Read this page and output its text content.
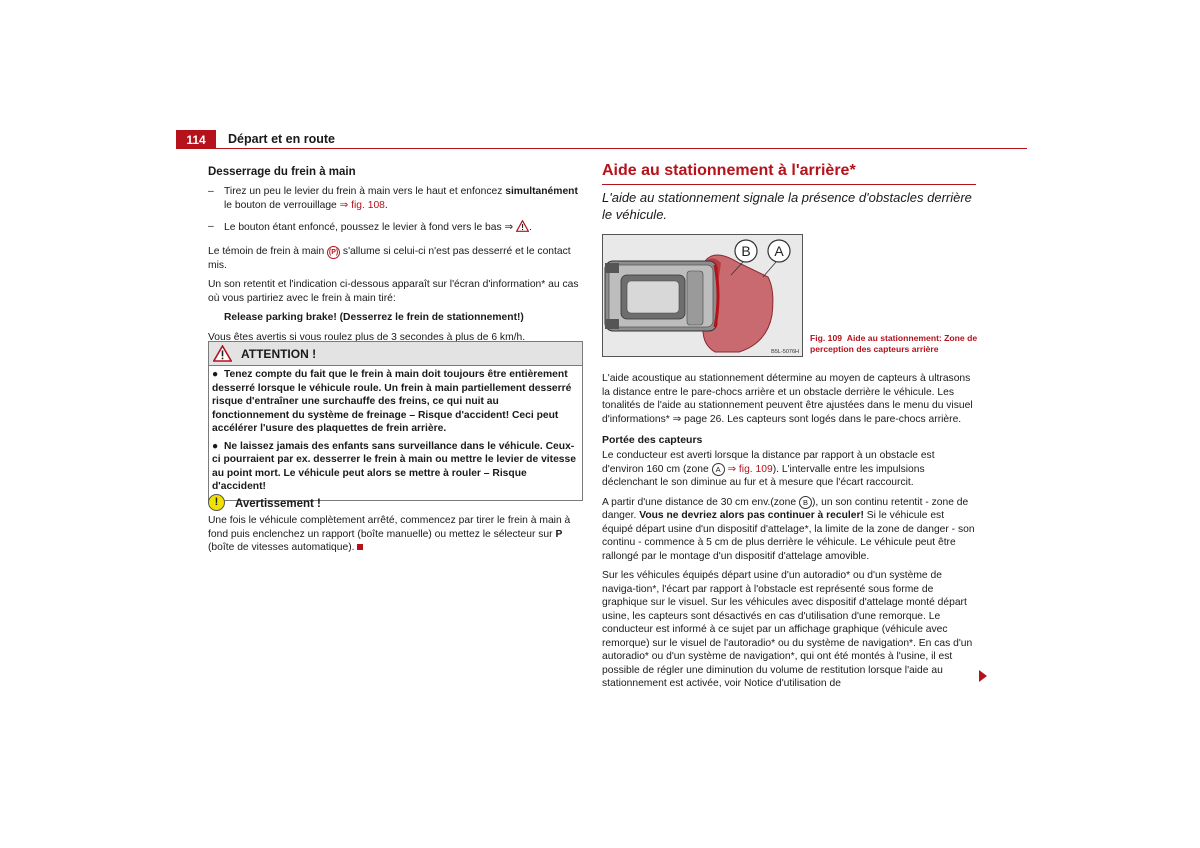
114	Départ et en route

Desserrage du frein à main

– Tirez un peu le levier du frein à main vers le haut et enfoncez simultanément le bouton de verrouillage ⇒ fig. 108.
– Le bouton étant enfoncé, poussez le levier à fond vers le bas ⇒ .

Le témoin de frein à main (P) s'allume si celui-ci n'est pas desserré et le contact mis.

Un son retentit et l'indication ci-dessous apparaît sur l'écran d'information* au cas où vous partiriez avec le frein à main tiré:

Release parking brake! (Desserrez le frein de stationnement!)

Vous êtes avertis si vous roulez plus de 3 secondes à plus de 6 km/h.

ATTENTION !

● Tenez compte du fait que le frein à main doit toujours être entièrement desserré lorsque le véhicule roule. Un frein à main partiellement desserré risque d'entraîner une surchauffe des freins, ce qui nuit au fonctionnement du système de freinage – Risque d'accident! Ceci peut accélérer l'usure des plaquettes de frein arrière.

● Ne laissez jamais des enfants sans surveillance dans le véhicule. Ceux-ci pourraient par ex. desserrer le frein à main ou mettre le levier de vitesse au point mort. Le véhicule peut alors se mettre à rouler – Risque d'accident!

!	Avertissement !

Une fois le véhicule complètement arrêté, commencez par tirer le frein à main à fond puis enclenchez un rapport (boîte manuelle) ou mettez le sélecteur sur P (boîte de vitesses automatique).

Aide au stationnement à l'arrière*
L'aide au stationnement signale la présence d'obstacles derrière le véhicule.
B A
B5L-5076H
Fig. 109 Aide au stationnement: Zone de perception des capteurs arrière

L'aide acoustique au stationnement détermine au moyen de capteurs à ultrasons la distance entre le pare-chocs arrière et un obstacle derrière le véhicule. Les tonalités de l'aide au stationnement peuvent être ajustées dans le menu du visuel d'informations* ⇒ page 26. Les capteurs sont logés dans le pare-chocs arrière.

Portée des capteurs

Le conducteur est averti lorsque la distance par rapport à un obstacle est d'environ 160 cm (zone A ⇒ fig. 109). L'intervalle entre les impulsions déclenchant le son diminue au fur et à mesure que l'écart raccourcit.

A partir d'une distance de 30 cm env.(zone B ), un son continu retentit - zone de danger. Vous ne devriez alors pas continuer à reculer! Si le véhicule est équipé départ usine d'un dispositif d'attelage*, la limite de la zone de danger - son continu - commence à 5 cm de plus derrière le véhicule. Le véhicule peut être rallongé par le montage d'un dispositif d'attelage amovible.

Sur les véhicules équipés départ usine d'un autoradio* ou d'un système de naviga-tion*, l'écart par rapport à l'obstacle est représenté sous forme de graphique sur le visuel. Sur les véhicules avec dispositif d'attelage monté départ usine, les capteurs sont désactivés en cas d'utilisation d'une remorque. Le conducteur est informé à ce sujet par un affichage graphique (véhicule avec remorque) sur le visuel de l'autoradio* ou du système de navigation*. En cas d'un autoradio* ou d'un système de navigation*, qui ont été montés à l'usine, il est possible de régler une diminution du volume de restitution lorsque l'aide au stationnement est activée, voir Notice d'utilisation de
